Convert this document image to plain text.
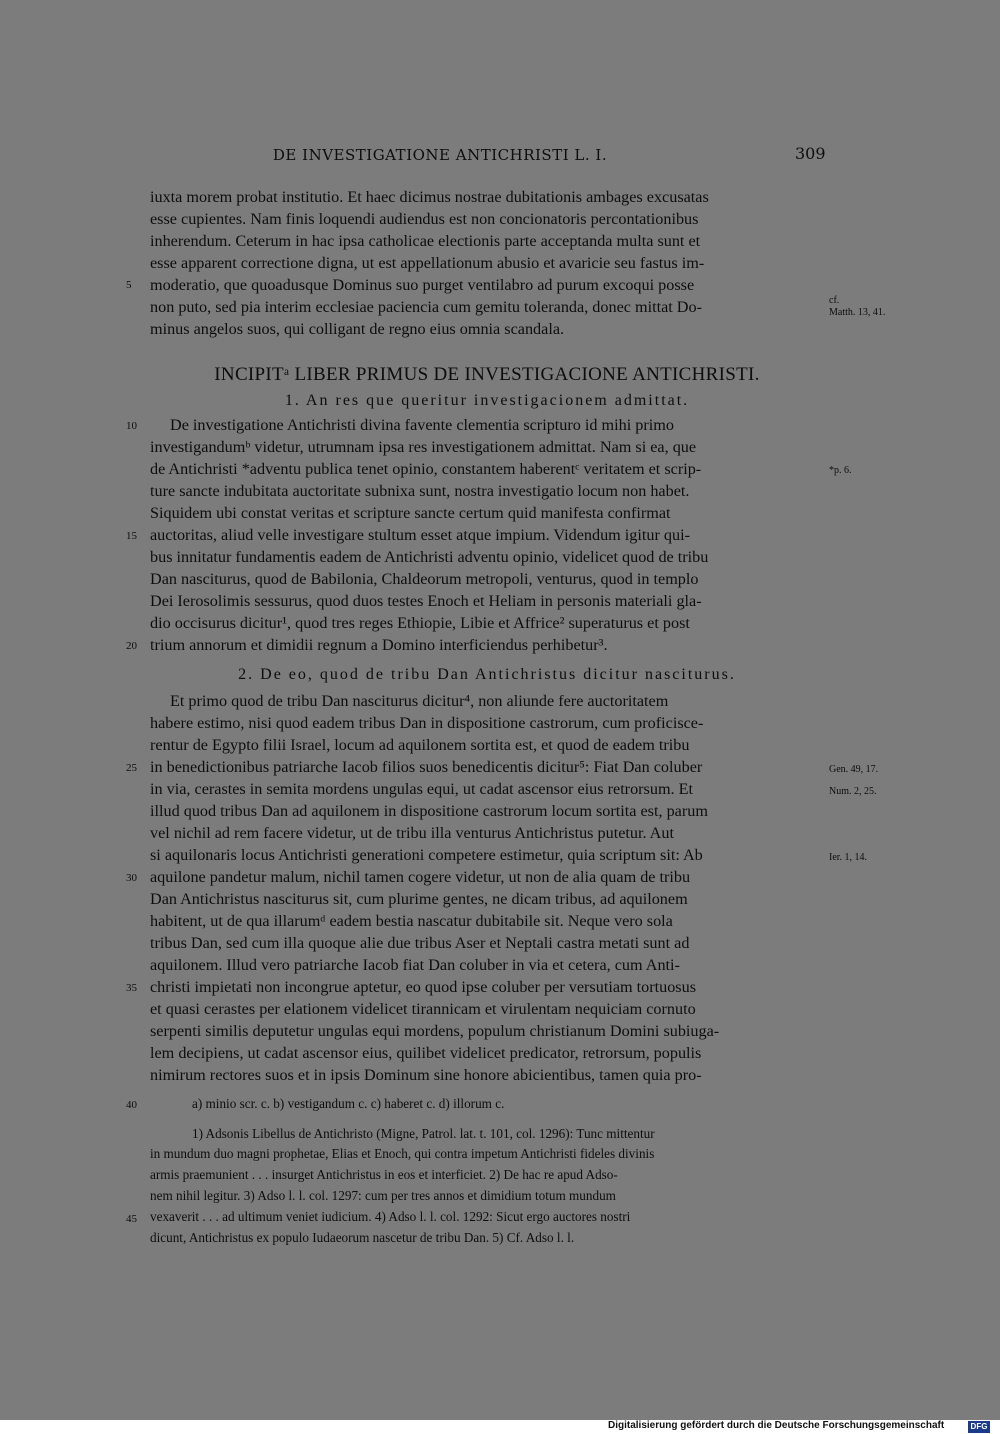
DE INVESTIGATIONE ANTICHRISTI L. I.	309
iuxta morem probat institutio. Et haec dicimus nostrae dubitationis ambages excusatas
esse cupientes. Nam finis loquendi audiendus est non concionatoris percontationibus
inherendum. Ceterum in hac ipsa catholicae electionis parte acceptanda multa sunt et
esse apparent correctione digna, ut est appellationum abusio et avaricie seu fastus im-
moderatio, que quoadusque Dominus suo purget ventilabro ad purum excoqui posse
non puto, sed pia interim ecclesiae paciencia cum gemitu toleranda, donec mittat Do-
minus angelos suos, qui colligant de regno eius omnia scandala.
5
cf.
Matth. 13, 41.
INCIPITᵃ LIBER PRIMUS DE INVESTIGACIONE ANTICHRISTI.
1. An res que queritur investigacionem admittat.
De investigatione Antichristi divina favente clementia scripturo id mihi primo
investigandumᵇ videtur, utrumnam ipsa res investigationem admittat. Nam si ea, que
de Antichristi *adventu publica tenet opinio, constantem haberentᶜ veritatem et scrip-
ture sancte indubitata auctoritate subnixa sunt, nostra investigatio locum non habet.
Siquidem ubi constat veritas et scripture sancte certum quid manifesta confirmat
auctoritas, aliud velle investigare stultum esset atque impium. Videndum igitur qui-
bus innitatur fundamentis eadem de Antichristi adventu opinio, videlicet quod de tribu
Dan nasciturus, quod de Babilonia, Chaldeorum metropoli, venturus, quod in templo
Dei Ierosolimis sessurus, quod duos testes Enoch et Heliam in personis materiali gla-
dio occisurus dicitur¹, quod tres reges Ethiopie, Libie et Affrice² superaturus et post
trium annorum et dimidii regnum a Domino interficiendus perhibetur³.
10
15
20
*p. 6.
2. De eo, quod de tribu Dan Antichristus dicitur nasciturus.
Et primo quod de tribu Dan nasciturus dicitur⁴, non aliunde fere auctoritatem
habere estimo, nisi quod eadem tribus Dan in dispositione castrorum, cum proficisce-
rentur de Egypto filii Israel, locum ad aquilonem sortita est, et quod de eadem tribu
in benedictionibus patriarche Iacob filios suos benedicentis dicitur⁵: Fiat Dan coluber
in via, cerastes in semita mordens ungulas equi, ut cadat ascensor eius retrorsum. Et
illud quod tribus Dan ad aquilonem in dispositione castrorum locum sortita est, parum
vel nichil ad rem facere videtur, ut de tribu illa venturus Antichristus putetur. Aut
si aquilonaris locus Antichristi generationi competere estimetur, quia scriptum sit: Ab
aquilone pandetur malum, nichil tamen cogere videtur, ut non de alia quam de tribu
Dan Antichristus nasciturus sit, cum plurime gentes, ne dicam tribus, ad aquilonem
habitent, ut de qua illarumᵈ eadem bestia nascatur dubitabile sit. Neque vero sola
tribus Dan, sed cum illa quoque alie due tribus Aser et Neptali castra metati sunt ad
aquilonem. Illud vero patriarche Iacob fiat Dan coluber in via et cetera, cum Anti-
christi impietati non incongrue aptetur, eo quod ipse coluber per versutiam tortuosus
et quasi cerastes per elationem videlicet tirannicam et virulentam nequiciam cornuto
serpenti similis deputetur ungulas equi mordens, populum christianum Domini subiuga-
lem decipiens, ut cadat ascensor eius, quilibet videlicet predicator, retrorsum, populis
nimirum rectores suos et in ipsis Dominum sine honore abicientibus, tamen quia pro-
25
30
35
Gen. 49, 17.
Num. 2, 25.
Ier. 1, 14.
40	a) minio scr. c. b) vestigandum c. c) haberet c. d) illorum c.
1) Adsonis Libellus de Antichristo (Migne, Patrol. lat. t. 101, col. 1296): Tunc mittentur
in mundum duo magni prophetae, Elias et Enoch, qui contra impetum Antichristi fideles divinis
armis praemunient . . . insurget Antichristus in eos et interficiet. 2) De hac re apud Adso-
nem nihil legitur. 3) Adso l. l. col. 1297: cum per tres annos et dimidium totum mundum
vexaverit . . . ad ultimum veniet iudicium. 4) Adso l. l. col. 1292: Sicut ergo auctores nostri
dicunt, Antichristus ex populo Iudaeorum nascetur de tribu Dan. 5) Cf. Adso l. l.
45
Digitalisierung gefördert durch die Deutsche Forschungsgemeinschaft	DFG
